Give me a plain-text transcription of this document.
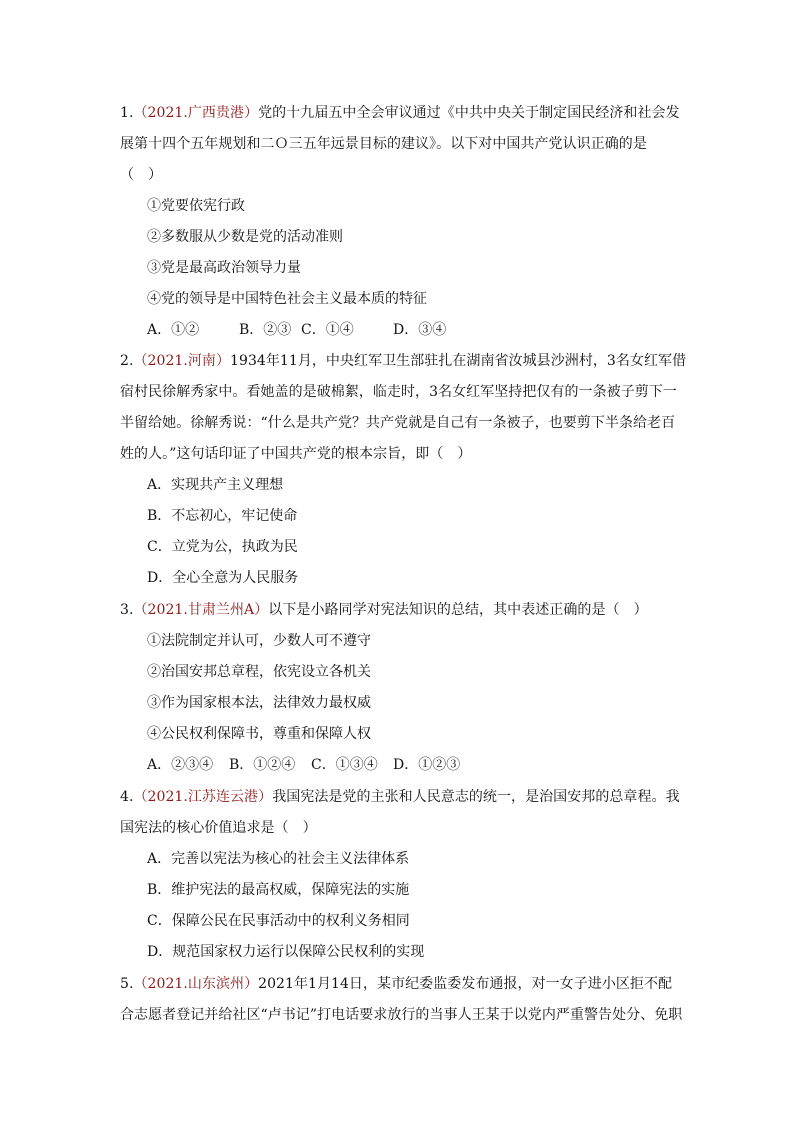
1.（2021.广西贵港）党的十九届五中全会审议通过《中共中央关于制定国民经济和社会发
展第十四个五年规划和二Ｏ三五年远景目标的建议》。以下对中国共产党认识正确的是
（　）
①党要依宪行政
②多数服从少数是党的活动准则
③党是最高政治领导力量
④党的领导是中国特色社会主义最本质的特征
A．①②	B．②③ C．①④	D．③④
2.（2021.河南）1934年11月，中央红军卫生部驻扎在湖南省汝城县沙洲村，3名女红军借
宿村民徐解秀家中。看她盖的是破棉絮，临走时，3名女红军坚持把仅有的一条被子剪下一
半留给她。徐解秀说：“什么是共产党？共产党就是自己有一条被子，也要剪下半条给老百
姓的人。”这句话印证了中国共产党的根本宗旨，即（　）
A．实现共产主义理想
B．不忘初心，牢记使命
C．立党为公，执政为民
D．全心全意为人民服务
3.（2021.甘肃兰州A）以下是小路同学对宪法知识的总结，其中表述正确的是（　）
①法院制定并认可，少数人可不遵守
②治国安邦总章程，依宪设立各机关
③作为国家根本法，法律效力最权威
④公民权利保障书，尊重和保障人权
A．②③④ B．①②④ C．①③④ D．①②③
4.（2021.江苏连云港）我国宪法是党的主张和人民意志的统一，是治国安邦的总章程。我
国宪法的核心价值追求是（　）
A．完善以宪法为核心的社会主义法律体系
B．维护宪法的最高权威，保障宪法的实施
C．保障公民在民事活动中的权利义务相同
D．规范国家权力运行以保障公民权利的实现
5.（2021.山东滨州）2021年1月14日，某市纪委监委发布通报，对一女子进小区拒不配
合志愿者登记并给社区“卢书记”打电话要求放行的当事人王某于以党内严重警告处分、免职
